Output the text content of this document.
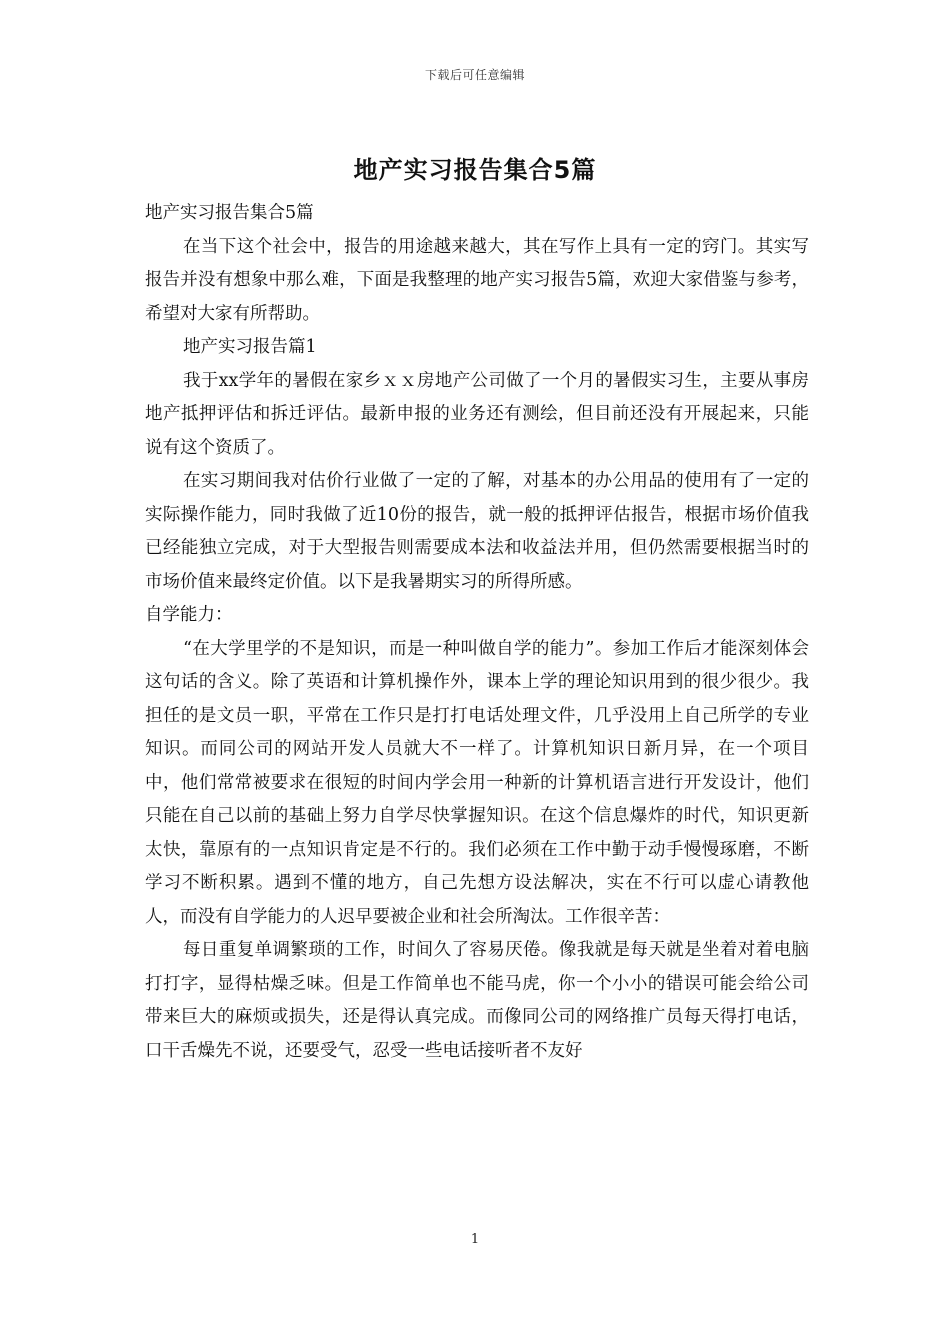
下载后可任意编辑
地产实习报告集合5篇

地产实习报告集合5篇

在当下这个社会中，报告的用途越来越大，其在写作上具有一定的窍门。其实写报告并没有想象中那么难，下面是我整理的地产实习报告5篇，欢迎大家借鉴与参考，希望对大家有所帮助。

地产实习报告篇1

我于xx学年的暑假在家乡ｘｘ房地产公司做了一个月的暑假实习生，主要从事房地产抵押评估和拆迁评估。最新申报的业务还有测绘，但目前还没有开展起来，只能说有这个资质了。

在实习期间我对估价行业做了一定的了解，对基本的办公用品的使用有了一定的实际操作能力，同时我做了近10份的报告，就一般的抵押评估报告，根据市场价值我已经能独立完成，对于大型报告则需要成本法和收益法并用，但仍然需要根据当时的市场价值来最终定价值。以下是我暑期实习的所得所感。

自学能力：

“在大学里学的不是知识，而是一种叫做自学的能力”。参加工作后才能深刻体会这句话的含义。除了英语和计算机操作外，课本上学的理论知识用到的很少很少。我担任的是文员一职，平常在工作只是打打电话处理文件，几乎没用上自己所学的专业知识。而同公司的网站开发人员就大不一样了。计算机知识日新月异，在一个项目中，他们常常被要求在很短的时间内学会用一种新的计算机语言进行开发设计，他们只能在自己以前的基础上努力自学尽快掌握知识。在这个信息爆炸的时代，知识更新太快，靠原有的一点知识肯定是不行的。我们必须在工作中勤于动手慢慢琢磨，不断学习不断积累。遇到不懂的地方，自己先想方设法解决，实在不行可以虚心请教他人，而没有自学能力的人迟早要被企业和社会所淘汰。工作很辛苦：

每日重复单调繁琐的工作，时间久了容易厌倦。像我就是每天就是坐着对着电脑打打字，显得枯燥乏味。但是工作简单也不能马虎，你一个小小的错误可能会给公司带来巨大的麻烦或损失，还是得认真完成。而像同公司的网络推广员每天得打电话，口干舌燥先不说，还要受气，忍受一些电话接听者不友好

1
